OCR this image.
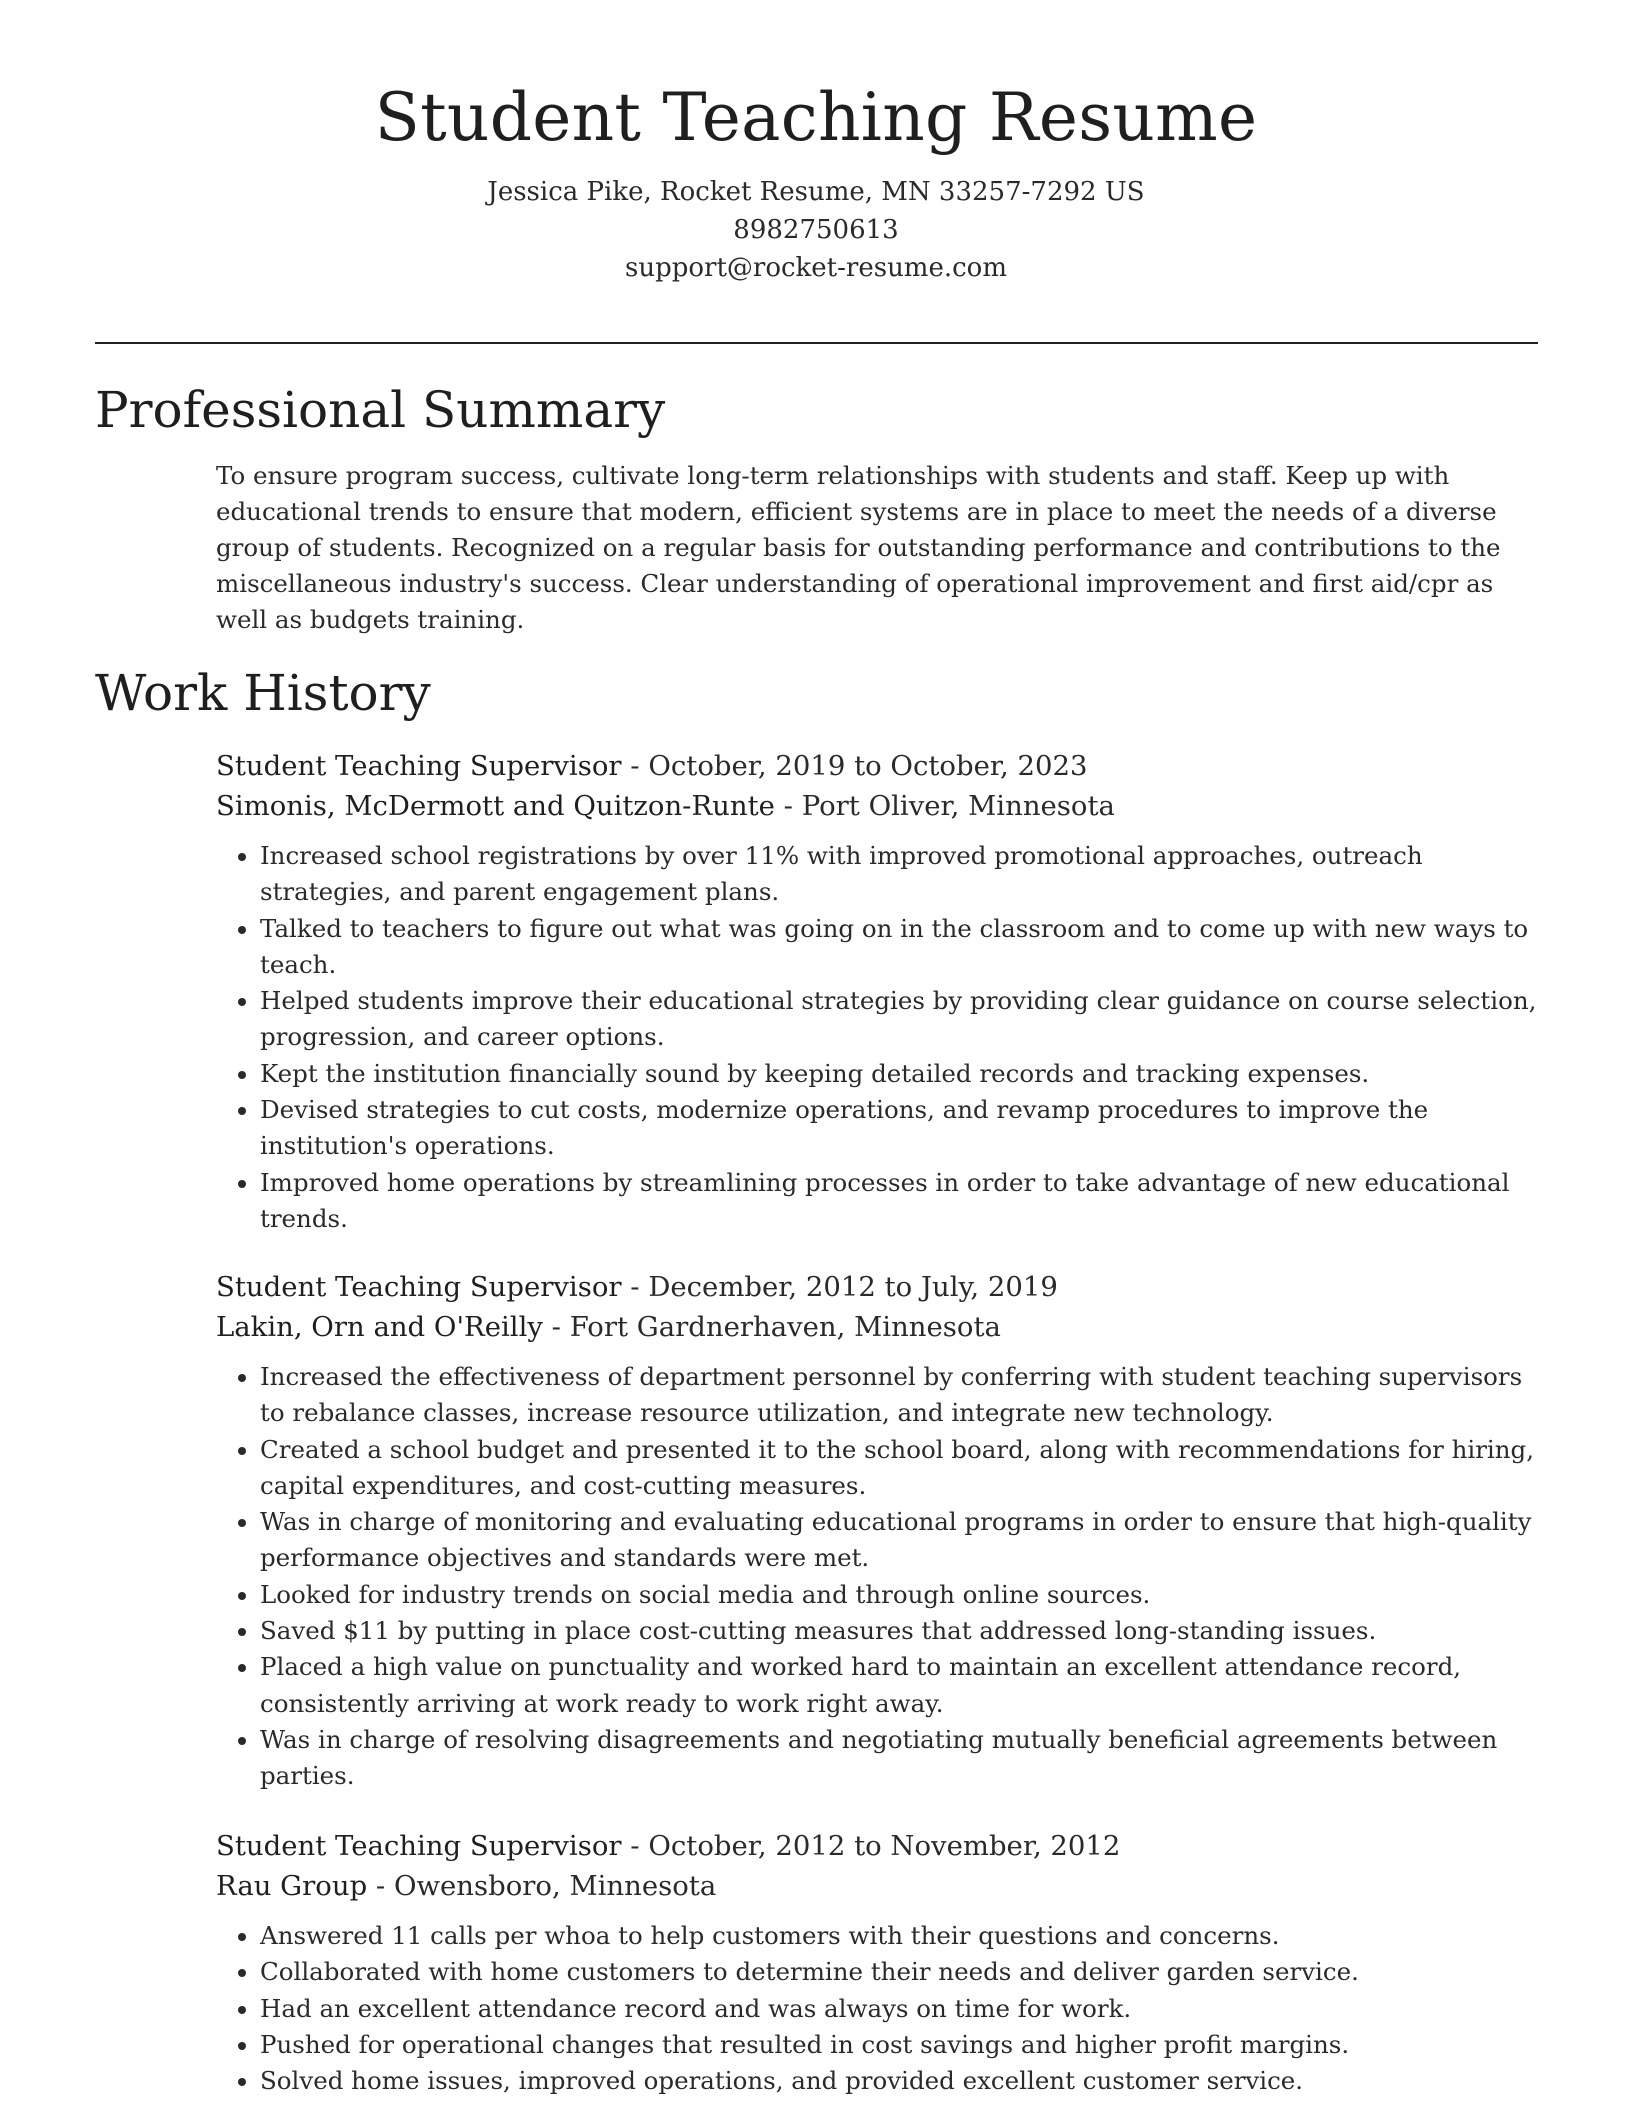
Student Teaching Resume
Jessica Pike, Rocket Resume, MN 33257-7292 US
8982750613
support@rocket-resume.com
Professional Summary

To ensure program success, cultivate long-term relationships with students and staff. Keep up with educational trends to ensure that modern, efficient systems are in place to meet the needs of a diverse group of students. Recognized on a regular basis for outstanding performance and contributions to the miscellaneous industry's success. Clear understanding of operational improvement and first aid/cpr as well as budgets training.

Work History
Student Teaching Supervisor - October, 2019 to October, 2023
Simonis, McDermott and Quitzon-Runte - Port Oliver, Minnesota
• Increased school registrations by over 11% with improved promotional approaches, outreach strategies, and parent engagement plans.
• Talked to teachers to figure out what was going on in the classroom and to come up with new ways to teach.
• Helped students improve their educational strategies by providing clear guidance on course selection, progression, and career options.
• Kept the institution financially sound by keeping detailed records and tracking expenses.
• Devised strategies to cut costs, modernize operations, and revamp procedures to improve the institution's operations.
• Improved home operations by streamlining processes in order to take advantage of new educational trends.
Student Teaching Supervisor - December, 2012 to July, 2019
Lakin, Orn and O'Reilly - Fort Gardnerhaven, Minnesota
• Increased the effectiveness of department personnel by conferring with student teaching supervisors to rebalance classes, increase resource utilization, and integrate new technology.
• Created a school budget and presented it to the school board, along with recommendations for hiring, capital expenditures, and cost-cutting measures.
• Was in charge of monitoring and evaluating educational programs in order to ensure that high-quality performance objectives and standards were met.
• Looked for industry trends on social media and through online sources.
• Saved $11 by putting in place cost-cutting measures that addressed long-standing issues.
• Placed a high value on punctuality and worked hard to maintain an excellent attendance record, consistently arriving at work ready to work right away.
• Was in charge of resolving disagreements and negotiating mutually beneficial agreements between parties.
Student Teaching Supervisor - October, 2012 to November, 2012
Rau Group - Owensboro, Minnesota
• Answered 11 calls per whoa to help customers with their questions and concerns.
• Collaborated with home customers to determine their needs and deliver garden service.
• Had an excellent attendance record and was always on time for work.
• Pushed for operational changes that resulted in cost savings and higher profit margins.
• Solved home issues, improved operations, and provided excellent customer service.
